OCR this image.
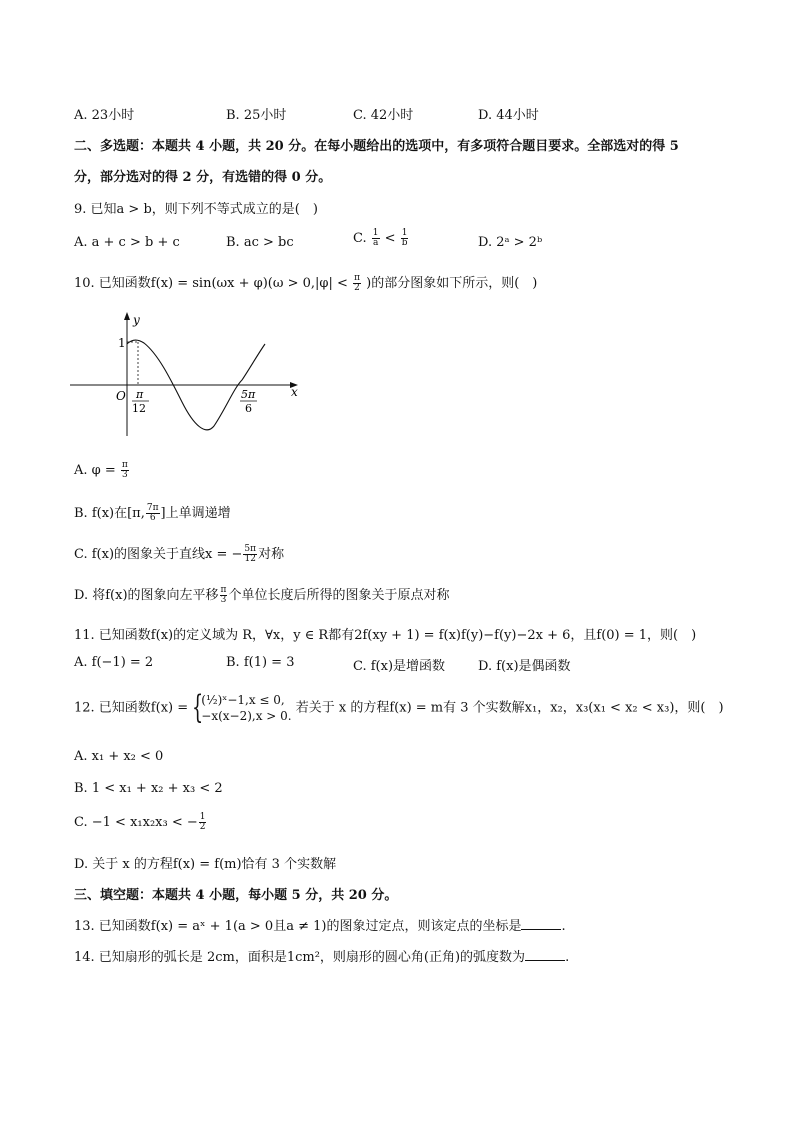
A. 23小时	B. 25小时	C. 42小时	D. 44小时
二、多选题：本题共 4 小题，共 20 分。在每小题给出的选项中，有多项符合题目要求。全部选对的得 5
分，部分选对的得 2 分，有选错的得 0 分。
9. 已知a > b，则下列不等式成立的是(　)
A. a + c > b + c	B. ac > bc	C. $\frac{1}{a} < \frac{1}{b}$	D. 2ᵃ > 2ᵇ
10. 已知函数$f(x) = \sin(\omega x + \varphi)(\omega > 0,|\varphi| < \frac{\pi}{2}$ )的部分图象如下所示，则(　)
y
x
O
1
π
12
5π
6
A. $\varphi = \frac{\pi}{3}$
B. f(x)在[π, $\frac{7\pi}{6}$ ]上单调递增
C. f(x)的图象关于直线x = − $\frac{5\pi}{12}$ 对称
D. 将f(x)的图象向左平移 $\frac{\pi}{3}$ 个单位长度后所得的图象关于原点对称
11. 已知函数f(x)的定义域为 R，∀x，y ∈ R都有2f(xy + 1) = f(x)f(y)−f(y)−2x + 6，且f(0) = 1，则(　)
A. f(−1) = 2	B. f(1) = 3	C. f(x)是增函数	D. f(x)是偶函数
12. 已知函数f(x) = {
(½)ˣ−1,x ≤ 0,
−x(x−2),x > 0.
若关于 x 的方程f(x) = m有 3 个实数解x₁，x₂，x₃(x₁ < x₂ < x₃)，则(　)
A. x₁ + x₂ < 0
B. 1 < x₁ + x₂ + x₃ < 2
C. −1 < x₁x₂x₃ < − $\frac{1}{2}$
D. 关于 x 的方程f(x) = f(m)恰有 3 个实数解
三、填空题：本题共 4 小题，每小题 5 分，共 20 分。
13. 已知函数f(x) = aˣ + 1(a > 0且a ≠ 1)的图象过定点，则该定点的坐标是	.
14. 已知扇形的弧长是 2cm，面积是1cm²，则扇形的圆心角(正角)的弧度数为	.
